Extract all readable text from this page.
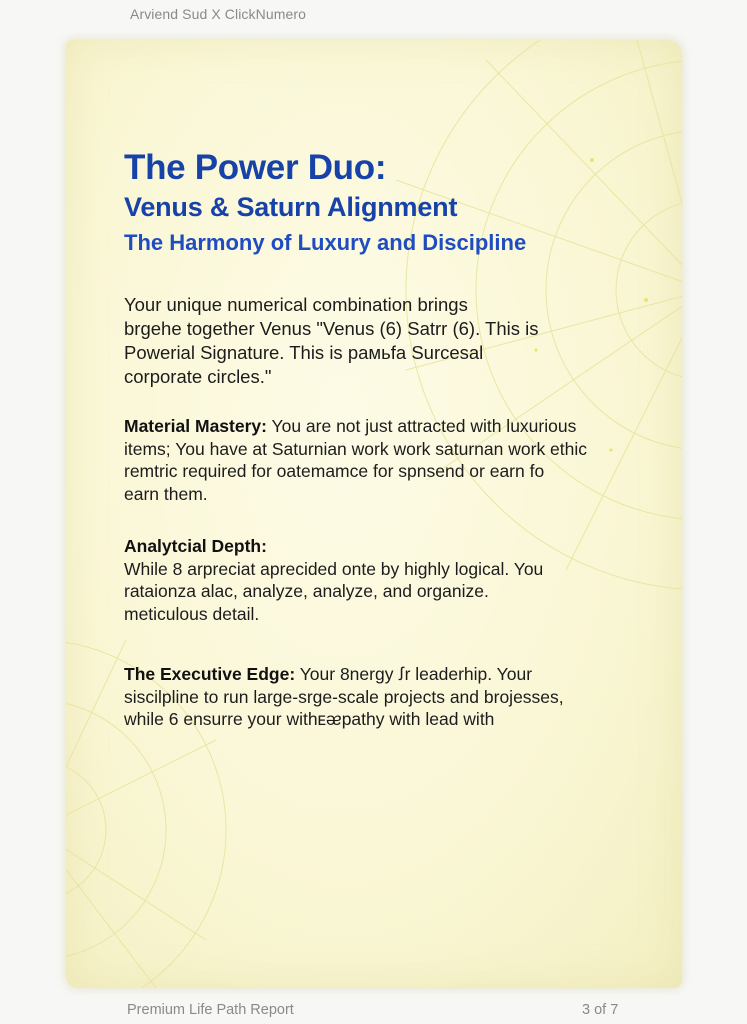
Arviend Sud X ClickNumero
The Power Duo:
Venus & Saturn Alignment
The Harmony of Luxury and Discipline
Your unique numerical combination brings
brgehe together Venus "Venus (6) Satrr (6). This is
Powerial Signature. This is paмьfa Surcesal
corporate circles."
Material Mastery: You are not just attracted with luxurious
items; You have at Saturnian work work saturnan work ethic
remtric required for oatemamce for spnsend or earn fo
earn them.
Analytcial Depth:
While 8 arpreciat apreci​ded onte by highly logical. You
rataionza alac, analyze, analyze, and organize.
meticulous detail.
The Executive Edge: Your 8nergy ꭍr leaderhip. Your
siscilpline to run large-srge-scale projects and brojesses,
while 6 ensurre your withᴇᴂpathy with lead with
Premium Life Path Report	3 of 7
